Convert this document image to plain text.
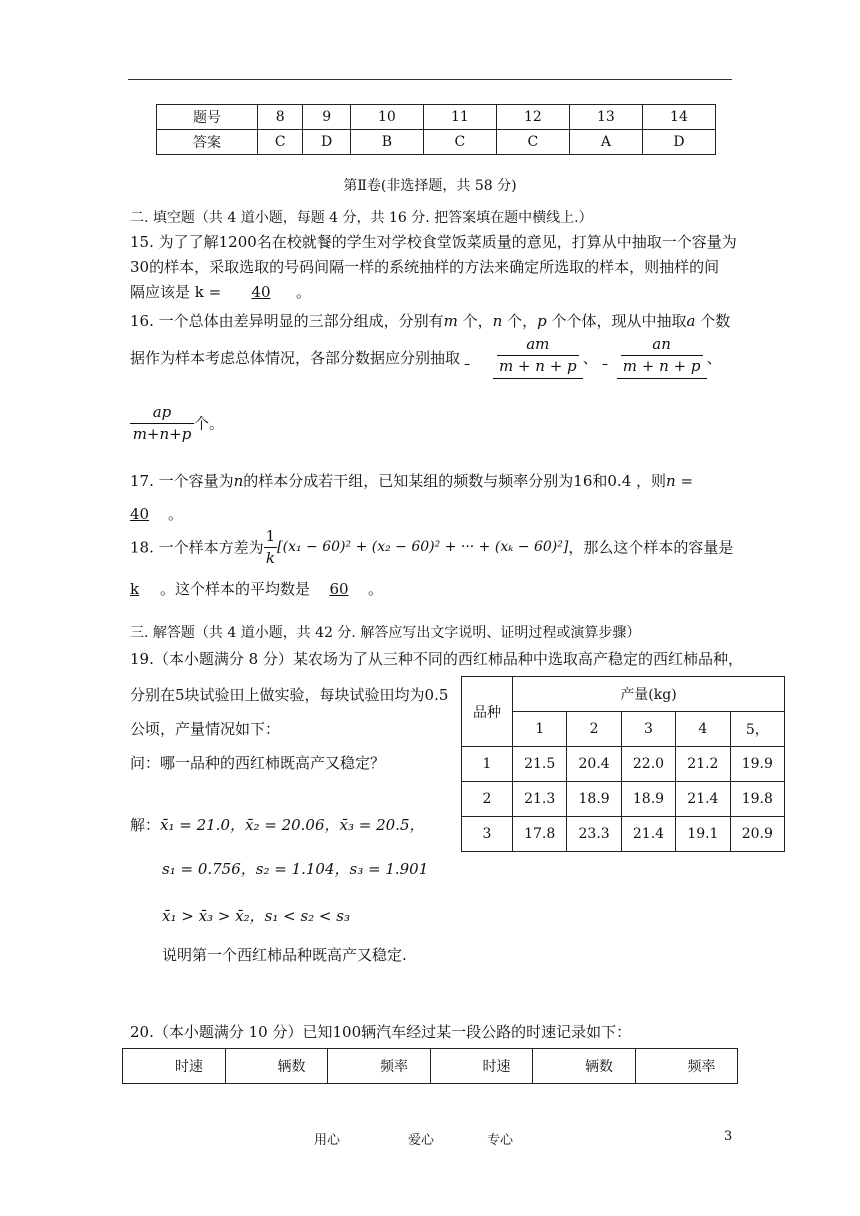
题号	8	9	10	11	12	13	14
答案	C	D	B	C	C	A	D
第Ⅱ卷(非选择题，共 58 分)
二. 填空题（共 4 道小题，每题 4 分，共 16 分. 把答案填在题中横线上.）
15. 为了了解1200名在校就餐的学生对学校食堂饭菜质量的意见，打算从中抽取一个容量为
30的样本，采取选取的号码间隔一样的系统抽样的方法来确定所选取的样本，则抽样的间
隔应该是 k = 40 。
16. 一个总体由差异明显的三部分组成，分别有m 个，n 个，p 个个体，现从中抽取a 个数
据作为样本考虑总体情况，各部分数据应分别抽取 $\frac{am}{m + n + p}$ 、 $\frac{an}{m + n + p}$ 、
$\frac{ap}{m+n+p}$ 个。
17. 一个容量为n的样本分成若干组，已知某组的频数与频率分别为16和0.4 ，则n =
40 。
18. 一个样本方差为 $\frac{1}{k} [(x_1 - 60)^2 + (x_2 - 60)^2$ + ··· + (xₖ − 60)²]，那么这个样本的容量是
k 。这个样本的平均数是 60 。
三. 解答题（共 4 道小题，共 42 分. 解答应写出文字说明、证明过程或演算步骤）
19.（本小题满分 8 分）某农场为了从三种不同的西红柿品种中选取高产稳定的西红柿品种，
分别在5块试验田上做实验，每块试验田均为0.5
公顷，产量情况如下：
问：哪一品种的西红柿既高产又稳定？
解：x̄₁ = 21.0，x̄₂ = 20.06，x̄₃ = 20.5，
s₁ = 0.756，s₂ = 1.104，s₃ = 1.901
x̄₁ > x̄₃ > x̄₂，s₁ < s₂ < s₃
说明第一个西红柿品种既高产又稳定.
品种	产量(kg)				
	1	2	3	4	5，
1	21.5	20.4	22.0	21.2	19.9
2	21.3	18.9	18.9	21.4	19.8
3	17.8	23.3	21.4	19.1	20.9
20.（本小题满分 10 分）已知100辆汽车经过某一段公路的时速记录如下：
时速	辆数	频率	时速	辆数	频率
用心	爱心	专心	3
